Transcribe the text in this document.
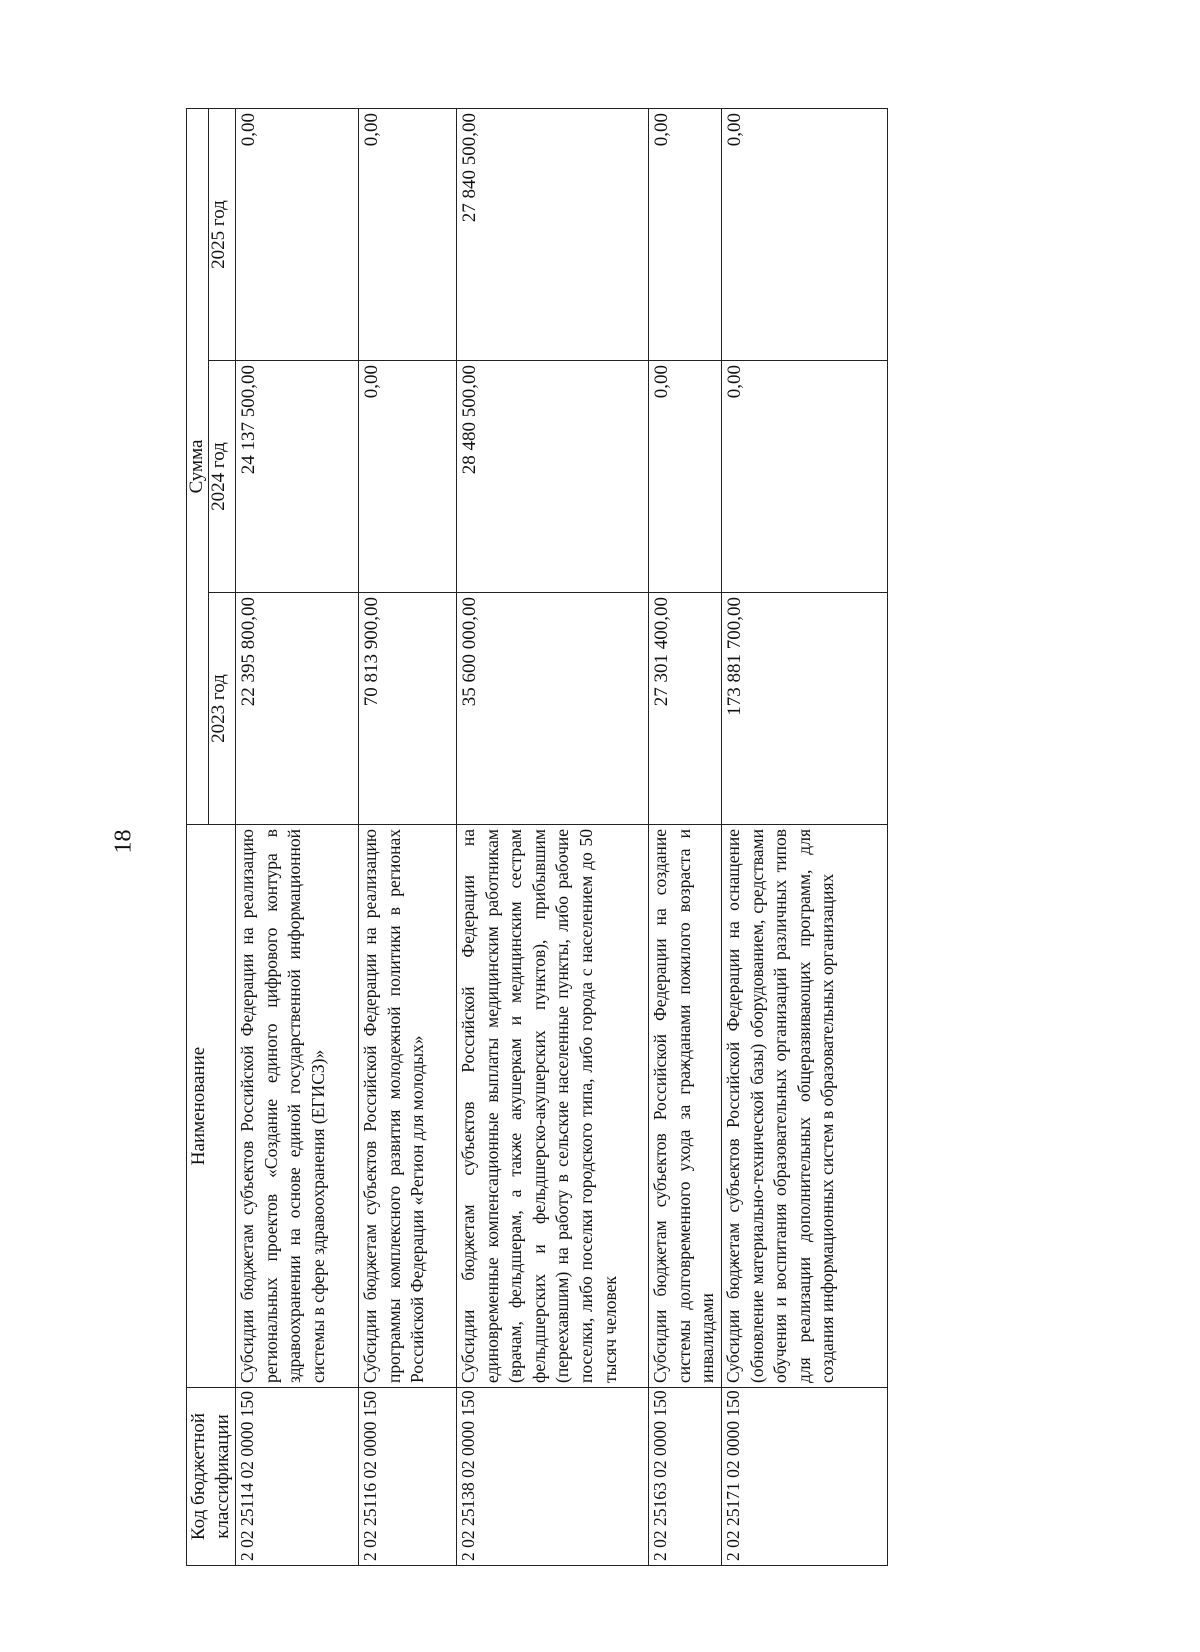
18
Код бюджетной классификации	Наименование	Сумма		
		2023 год	2024 год	2025 год
2 02 25114 02 0000 150	Субсидии бюджетам субъектов Российской Федерации на реализацию региональных проектов «Создание единого цифрового контура в здравоохранении на основе единой государственной информационной системы в сфере здравоохранения (ЕГИСЗ)»	22 395 800,00	24 137 500,00	0,00
2 02 25116 02 0000 150	Субсидии бюджетам субъектов Российской Федерации на реализацию программы комплексного развития молодежной политики в регионах Российской Федерации «Регион для молодых»	70 813 900,00	0,00	0,00
2 02 25138 02 0000 150	Субсидии бюджетам субъектов Российской Федерации на единовременные компенсационные выплаты медицинским работникам (врачам, фельдшерам, а также акушеркам и медицинским сестрам фельдшерских и фельдшерско-акушерских пунктов), прибывшим (переехавшим) на работу в сельские населенные пункты, либо рабочие поселки, либо поселки городского типа, либо города с населением до 50 тысяч человек	35 600 000,00	28 480 500,00	27 840 500,00
2 02 25163 02 0000 150	Субсидии бюджетам субъектов Российской Федерации на создание системы долговременного ухода за гражданами пожилого возраста и инвалидами	27 301 400,00	0,00	0,00
2 02 25171 02 0000 150	Субсидии бюджетам субъектов Российской Федерации на оснащение (обновление материально-технической базы) оборудованием, средствами обучения и воспитания образовательных организаций различных типов для реализации дополнительных общеразвивающих программ, для создания информационных систем в образовательных организациях	173 881 700,00	0,00	0,00
